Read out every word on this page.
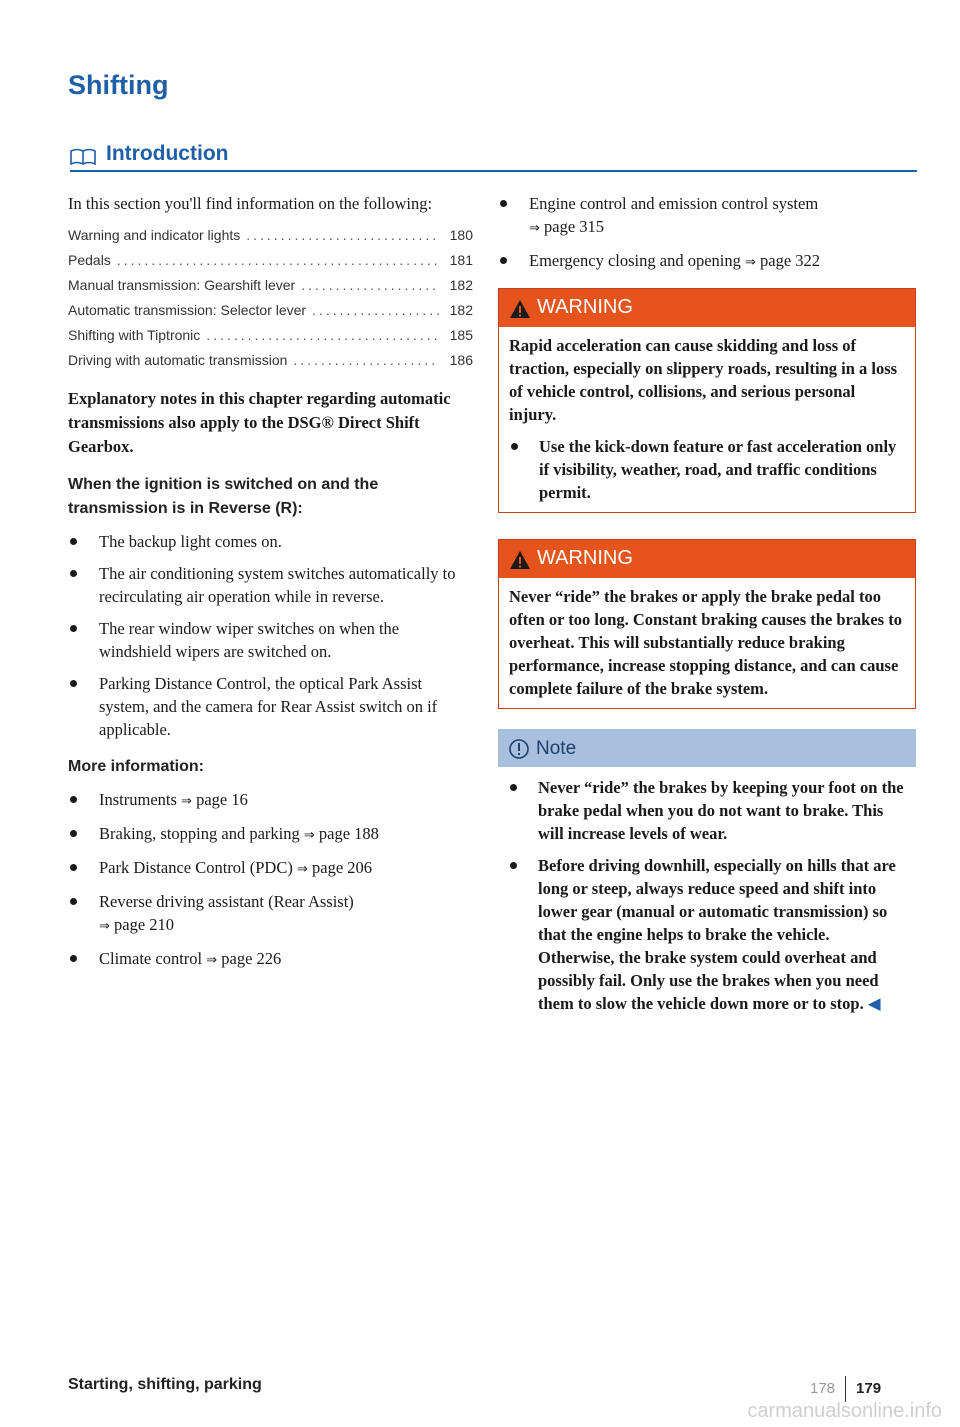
Shifting
Introduction

In this section you'll find information on the following:

Warning and indicator lights .....	180
Pedals .....	181
Manual transmission: Gearshift lever .....	182
Automatic transmission: Selector lever .....	182
Shifting with Tiptronic .....	185
Driving with automatic transmission .....	186

Explanatory notes in this chapter regarding automatic transmissions also apply to the DSG® Direct Shift Gearbox.

When the ignition is switched on and the transmission is in Reverse (R):
The backup light comes on.
The air conditioning system switches automatically to recirculating air operation while in reverse.
The rear window wiper switches on when the windshield wipers are switched on.
Parking Distance Control, the optical Park Assist system, and the camera for Rear Assist switch on if applicable.
More information:
Instruments ⇒ page 16
Braking, stopping and parking ⇒ page 188
Park Distance Control (PDC) ⇒ page 206
Reverse driving assistant (Rear Assist)
⇒ page 210
Climate control ⇒ page 226
Engine control and emission control system
⇒ page 315
Emergency closing and opening ⇒ page 322
WARNING

Rapid acceleration can cause skidding and loss of traction, especially on slippery roads, resulting in a loss of vehicle control, collisions, and serious personal injury.

Use the kick-down feature or fast acceleration only if visibility, weather, road, and traffic conditions permit.
WARNING

Never “ride” the brakes or apply the brake pedal too often or too long. Constant braking causes the brakes to overheat. This will substantially reduce braking performance, increase stopping distance, and can cause complete failure of the brake system.

Note
Never “ride” the brakes by keeping your foot on the brake pedal when you do not want to brake. This will increase levels of wear.
Before driving downhill, especially on hills that are long or steep, always reduce speed and shift into lower gear (manual or automatic transmission) so that the engine helps to brake the vehicle. Otherwise, the brake system could overheat and possibly fail. Only use the brakes when you need them to slow the vehicle down more or to stop. ◀
Starting, shifting, parking	178 179
carmanualsonline.info
